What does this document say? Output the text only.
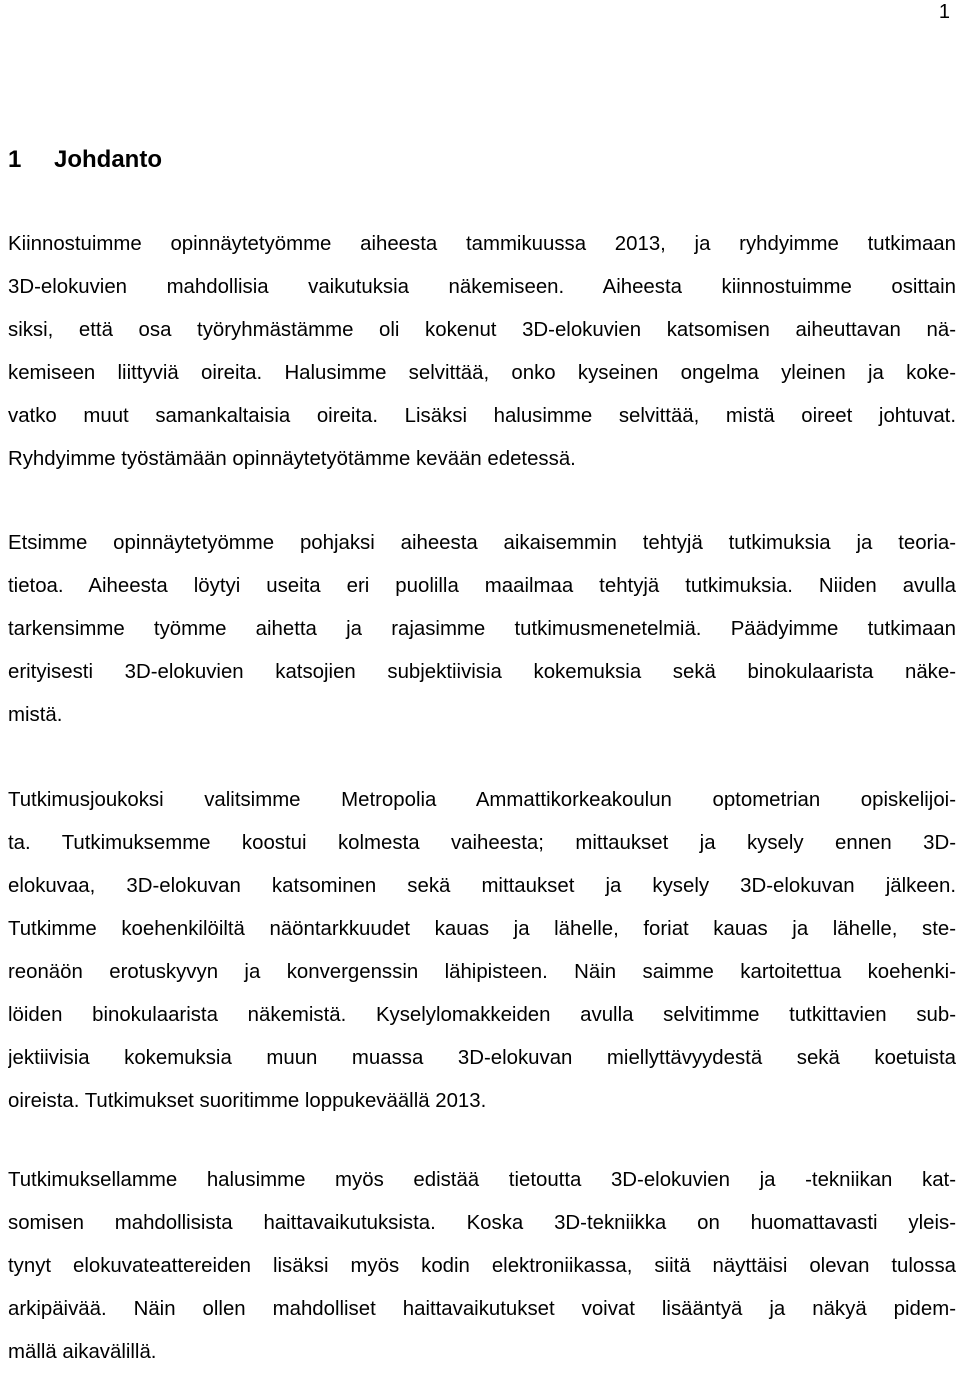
1
1 Johdanto
Kiinnostuimme opinnäytetyömme aiheesta tammikuussa 2013, ja ryhdyimme tutkimaan
3D-elokuvien mahdollisia vaikutuksia näkemiseen. Aiheesta kiinnostuimme osittain
siksi, että osa työryhmästämme oli kokenut 3D-elokuvien katsomisen aiheuttavan nä-
kemiseen liittyviä oireita. Halusimme selvittää, onko kyseinen ongelma yleinen ja koke-
vatko muut samankaltaisia oireita. Lisäksi halusimme selvittää, mistä oireet johtuvat.
Ryhdyimme työstämään opinnäytetyötämme kevään edetessä.
Etsimme opinnäytetyömme pohjaksi aiheesta aikaisemmin tehtyjä tutkimuksia ja teoria-
tietoa. Aiheesta löytyi useita eri puolilla maailmaa tehtyjä tutkimuksia. Niiden avulla
tarkensimme työmme aihetta ja rajasimme tutkimusmenetelmiä. Päädyimme tutkimaan
erityisesti 3D-elokuvien katsojien subjektiivisia kokemuksia sekä binokulaarista näke-
mistä.
Tutkimusjoukoksi valitsimme Metropolia Ammattikorkeakoulun optometrian opiskelijoi-
ta. Tutkimuksemme koostui kolmesta vaiheesta; mittaukset ja kysely ennen 3D-
elokuvaa, 3D-elokuvan katsominen sekä mittaukset ja kysely 3D-elokuvan jälkeen.
Tutkimme koehenkilöiltä näöntarkkuudet kauas ja lähelle, foriat kauas ja lähelle, ste-
reonäön erotuskyvyn ja konvergenssin lähipisteen. Näin saimme kartoitettua koehenki-
löiden binokulaarista näkemistä. Kyselylomakkeiden avulla selvitimme tutkittavien sub-
jektiivisia kokemuksia muun muassa 3D-elokuvan miellyttävyydestä sekä koetuista
oireista. Tutkimukset suoritimme loppukeväällä 2013.
Tutkimuksellamme halusimme myös edistää tietoutta 3D-elokuvien ja -tekniikan kat-
somisen mahdollisista haittavaikutuksista. Koska 3D-tekniikka on huomattavasti yleis-
tynyt elokuvateattereiden lisäksi myös kodin elektroniikassa, siitä näyttäisi olevan tulossa
arkipäivää. Näin ollen mahdolliset haittavaikutukset voivat lisääntyä ja näkyä pidem-
mällä aikavälillä.
